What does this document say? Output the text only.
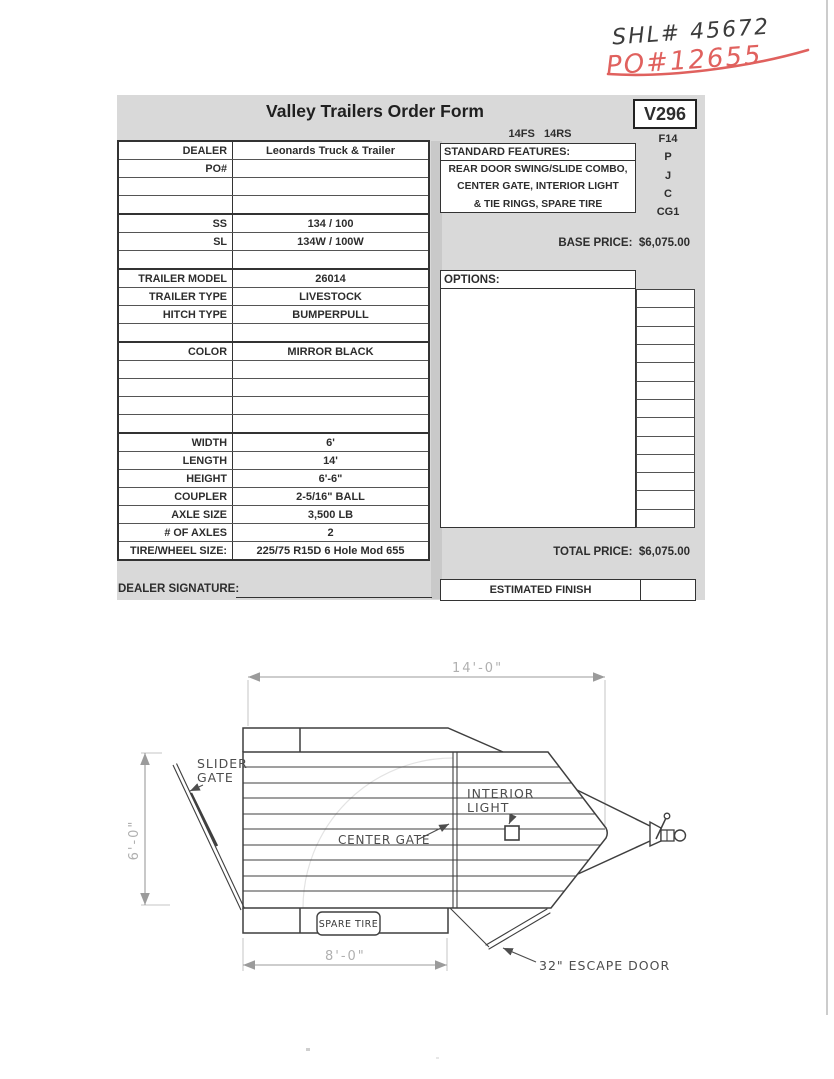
SHL# 45672
PO#12655
Valley Trailers Order Form	V296
14FS   14RS	F14
P
J
C
CG1
DEALER	Leonards Truck & Trailer
PO#
SS	134 / 100
SL	134W / 100W
TRAILER MODEL	26014
TRAILER TYPE	LIVESTOCK
HITCH TYPE	BUMPERPULL
COLOR	MIRROR BLACK
WIDTH	6'
LENGTH	14'
HEIGHT	6'-6"
COUPLER	2-5/16" BALL
AXLE SIZE	3,500 LB
# OF AXLES	2
TIRE/WHEEL SIZE:	225/75 R15D 6 Hole Mod 655
DEALER SIGNATURE:
STANDARD FEATURES:
REAR DOOR SWING/SLIDE COMBO,
CENTER GATE, INTERIOR LIGHT
& TIE RINGS, SPARE TIRE
BASE PRICE: $6,075.00
OPTIONS:
TOTAL PRICE: $6,075.00
ESTIMATED FINISH
14'-0"
SPARE TIRE
INTERIOR
LIGHT
CENTER GATE
SLIDER
GATE
6'-0"
32" ESCAPE DOOR
8'-0"
